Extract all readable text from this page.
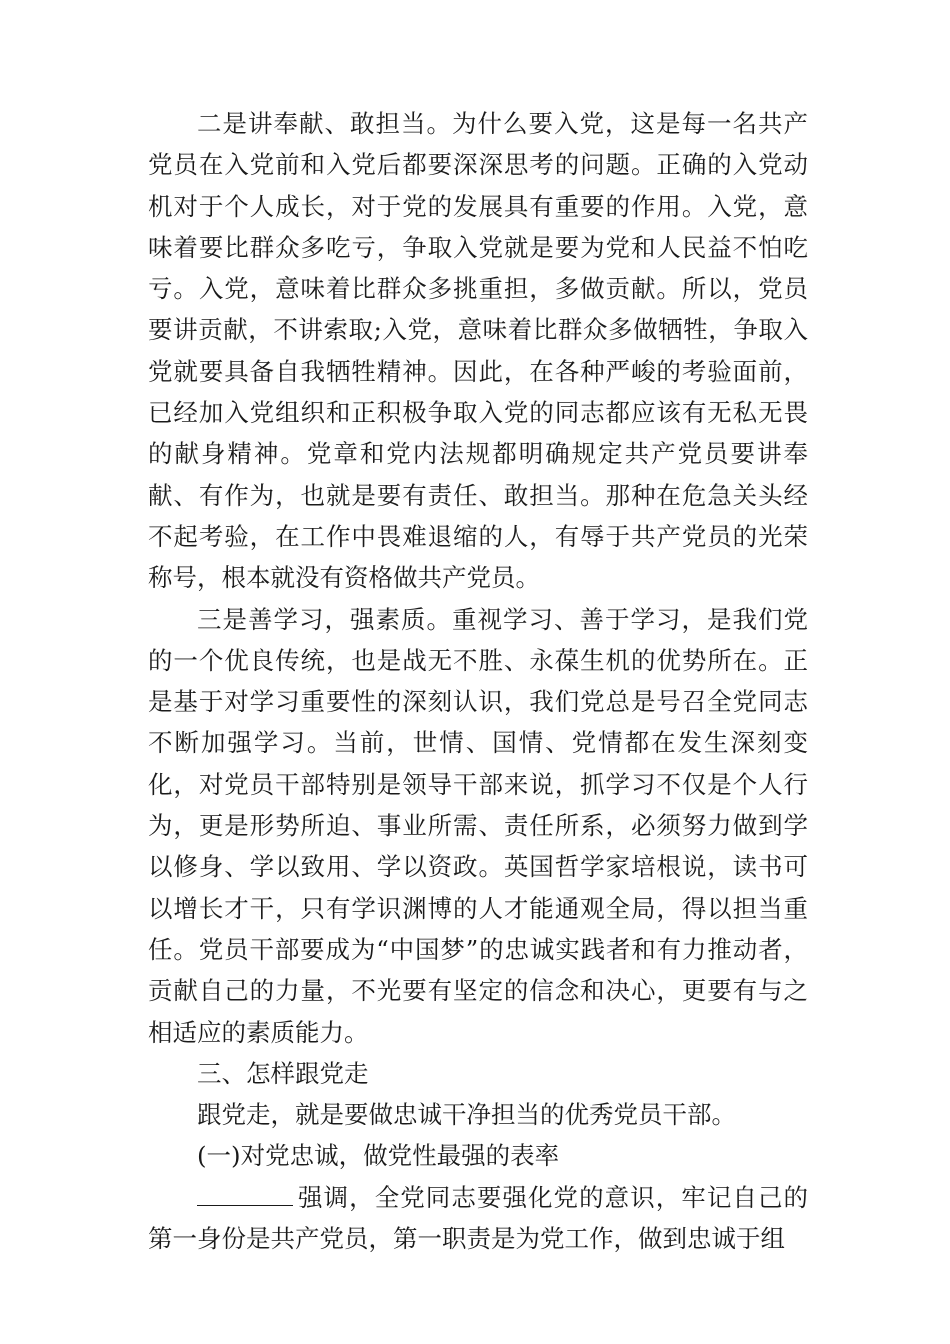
二是讲奉献、敢担当。为什么要入党，这是每一名共产党员在入党前和入党后都要深深思考的问题。正确的入党动机对于个人成长，对于党的发展具有重要的作用。入党，意味着要比群众多吃亏，争取入党就是要为党和人民益不怕吃亏。入党，意味着比群众多挑重担，多做贡献。所以，党员要讲贡献，不讲索取;入党，意味着比群众多做牺牲，争取入党就要具备自我牺牲精神。因此，在各种严峻的考验面前，已经加入党组织和正积极争取入党的同志都应该有无私无畏的献身精神。党章和党内法规都明确规定共产党员要讲奉献、有作为，也就是要有责任、敢担当。那种在危急关头经不起考验，在工作中畏难退缩的人，有辱于共产党员的光荣称号，根本就没有资格做共产党员。

三是善学习，强素质。重视学习、善于学习，是我们党的一个优良传统，也是战无不胜、永葆生机的优势所在。正是基于对学习重要性的深刻认识，我们党总是号召全党同志不断加强学习。当前，世情、国情、党情都在发生深刻变化，对党员干部特别是领导干部来说，抓学习不仅是个人行为，更是形势所迫、事业所需、责任所系，必须努力做到学以修身、学以致用、学以资政。英国哲学家培根说，读书可以增长才干，只有学识渊博的人才能通观全局，得以担当重任。党员干部要成为“中国梦”的忠诚实践者和有力推动者，贡献自己的力量，不光要有坚定的信念和决心，更要有与之相适应的素质能力。

三、怎样跟党走

跟党走，就是要做忠诚干净担当的优秀党员干部。

(一)对党忠诚，做党性最强的表率

强调，全党同志要强化党的意识，牢记自己的第一身份是共产党员，第一职责是为党工作，做到忠诚于组
